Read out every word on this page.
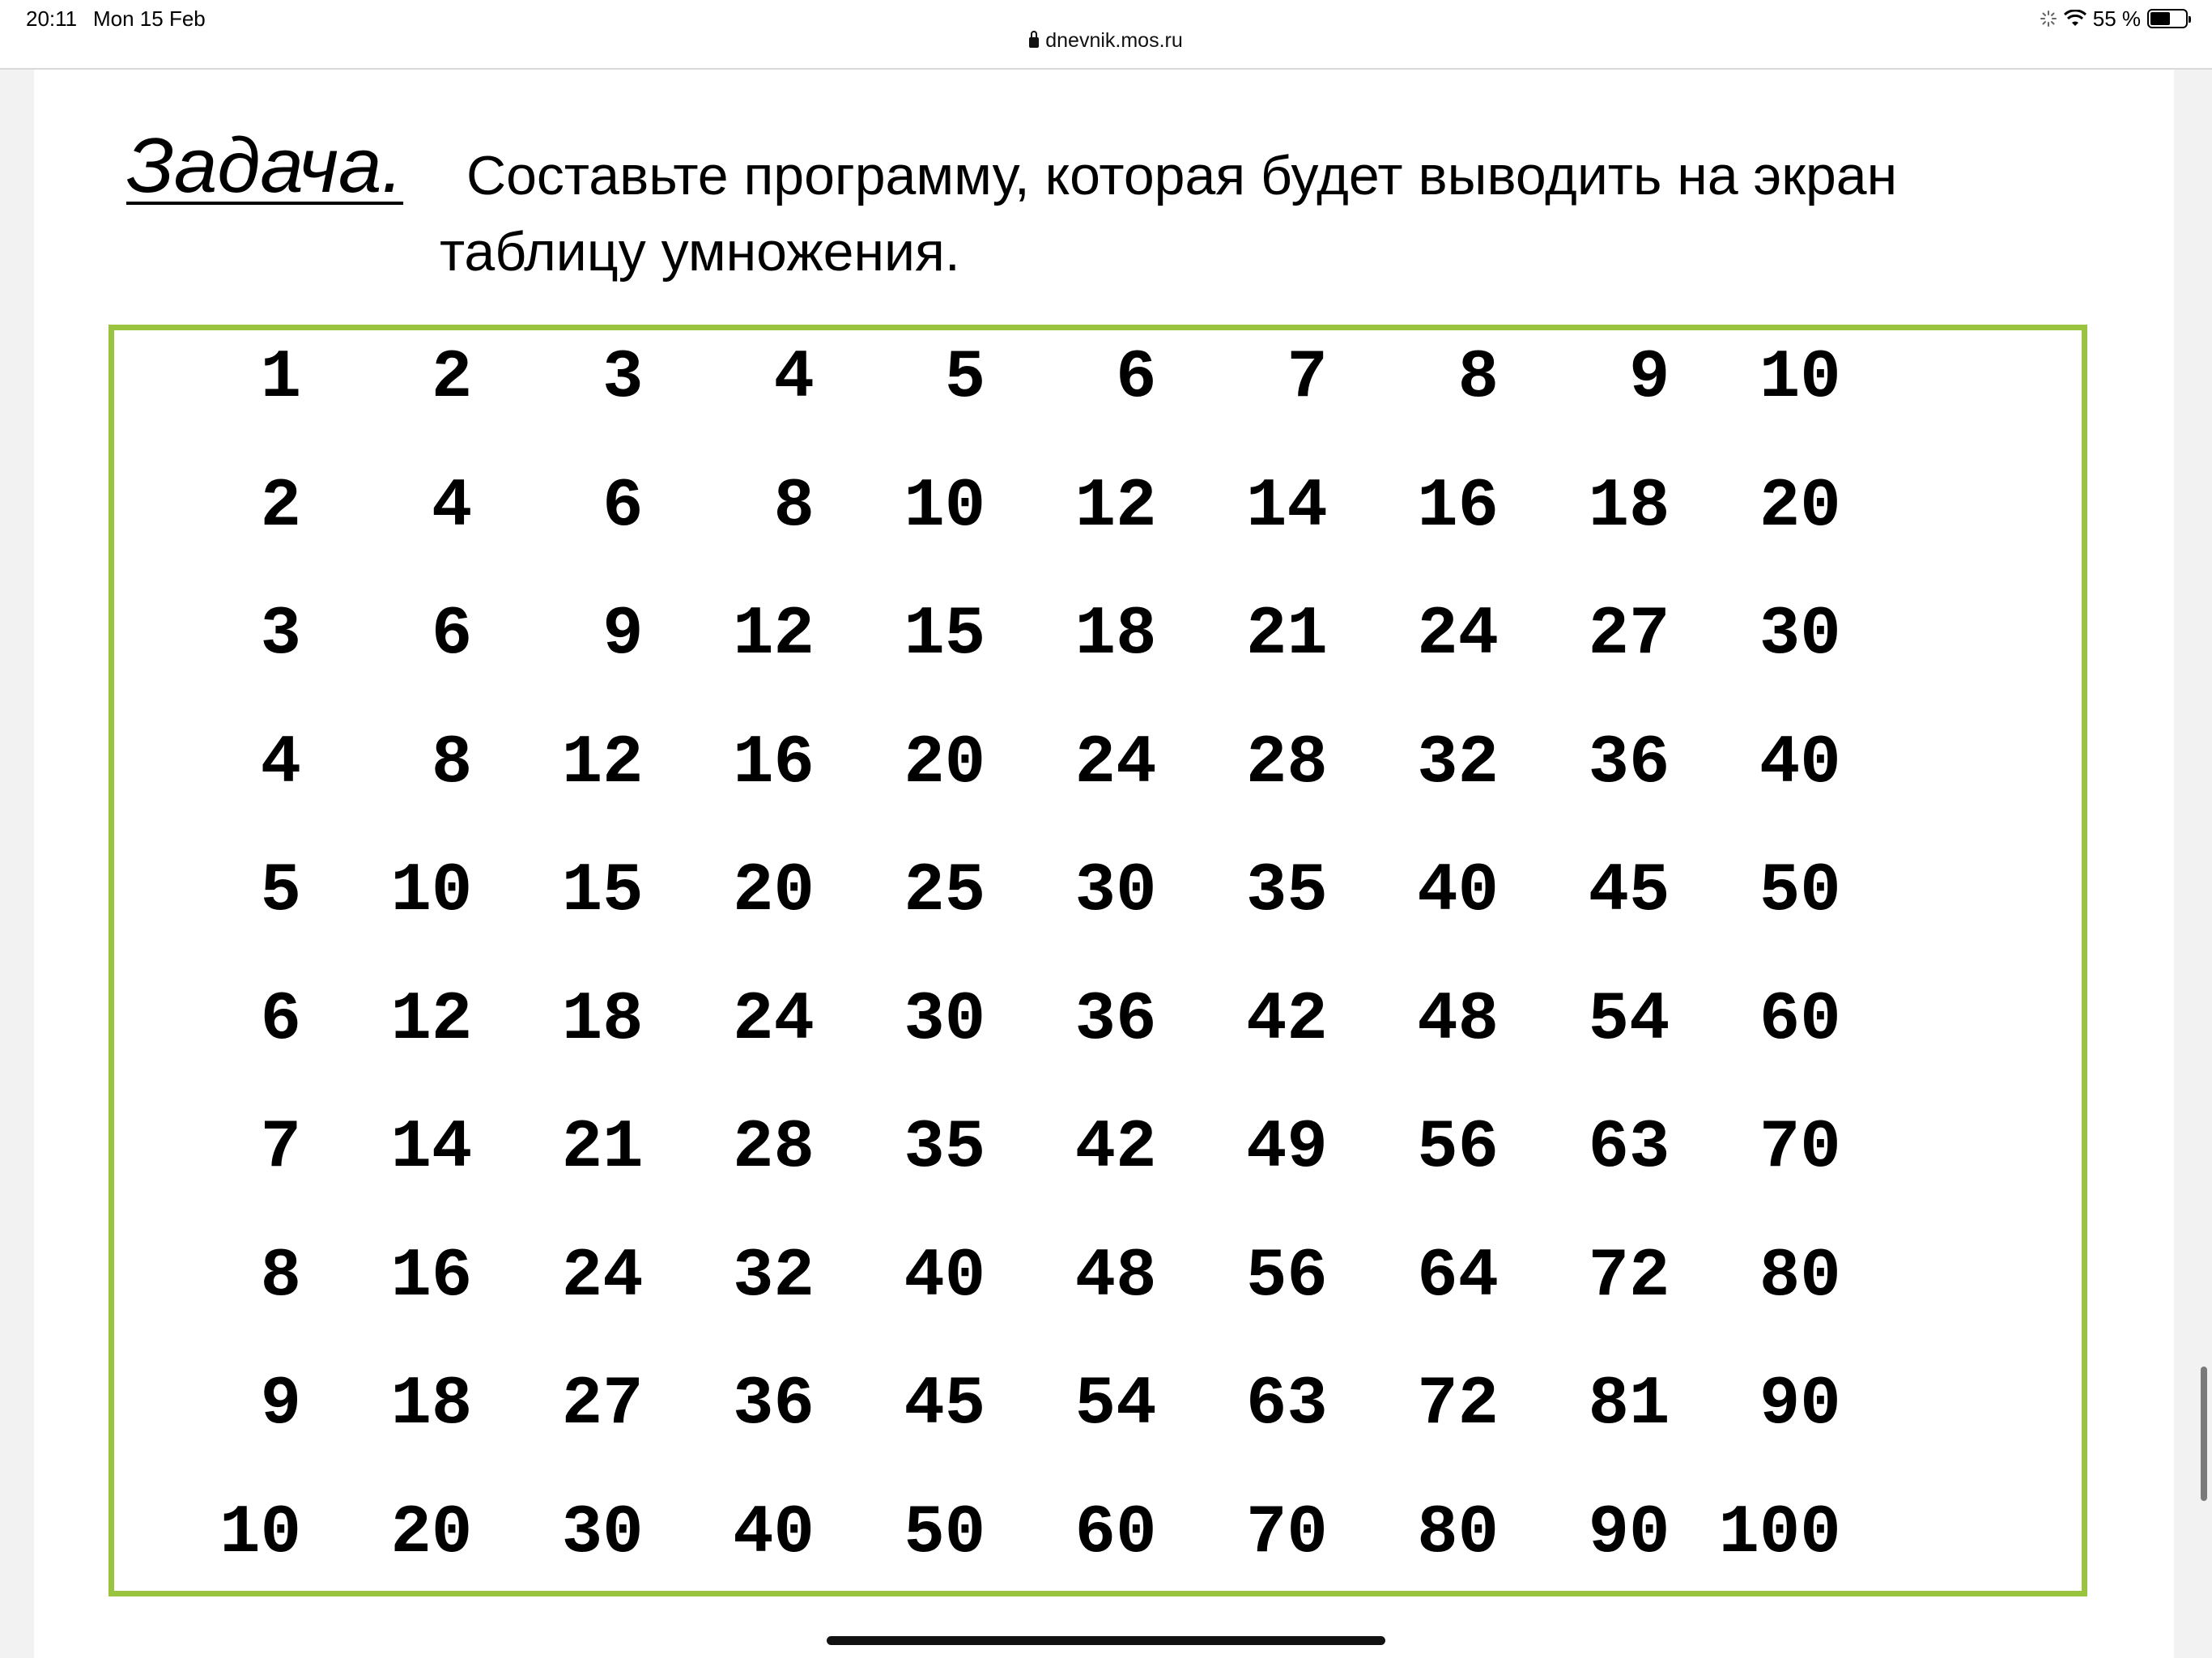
20:11 Mon 15 Feb	55 %
dnevnik.mos.ru
Задача. Составьте программу, которая будет выводить на экран
таблицу умножения.
1	2	3	4	5	6	7	8	9	10
2	4	6	8	10	12	14	16	18	20
3	6	9	12	15	18	21	24	27	30
4	8	12	16	20	24	28	32	36	40
5	10	15	20	25	30	35	40	45	50
6	12	18	24	30	36	42	48	54	60
7	14	21	28	35	42	49	56	63	70
8	16	24	32	40	48	56	64	72	80
9	18	27	36	45	54	63	72	81	90
10	20	30	40	50	60	70	80	90 100
